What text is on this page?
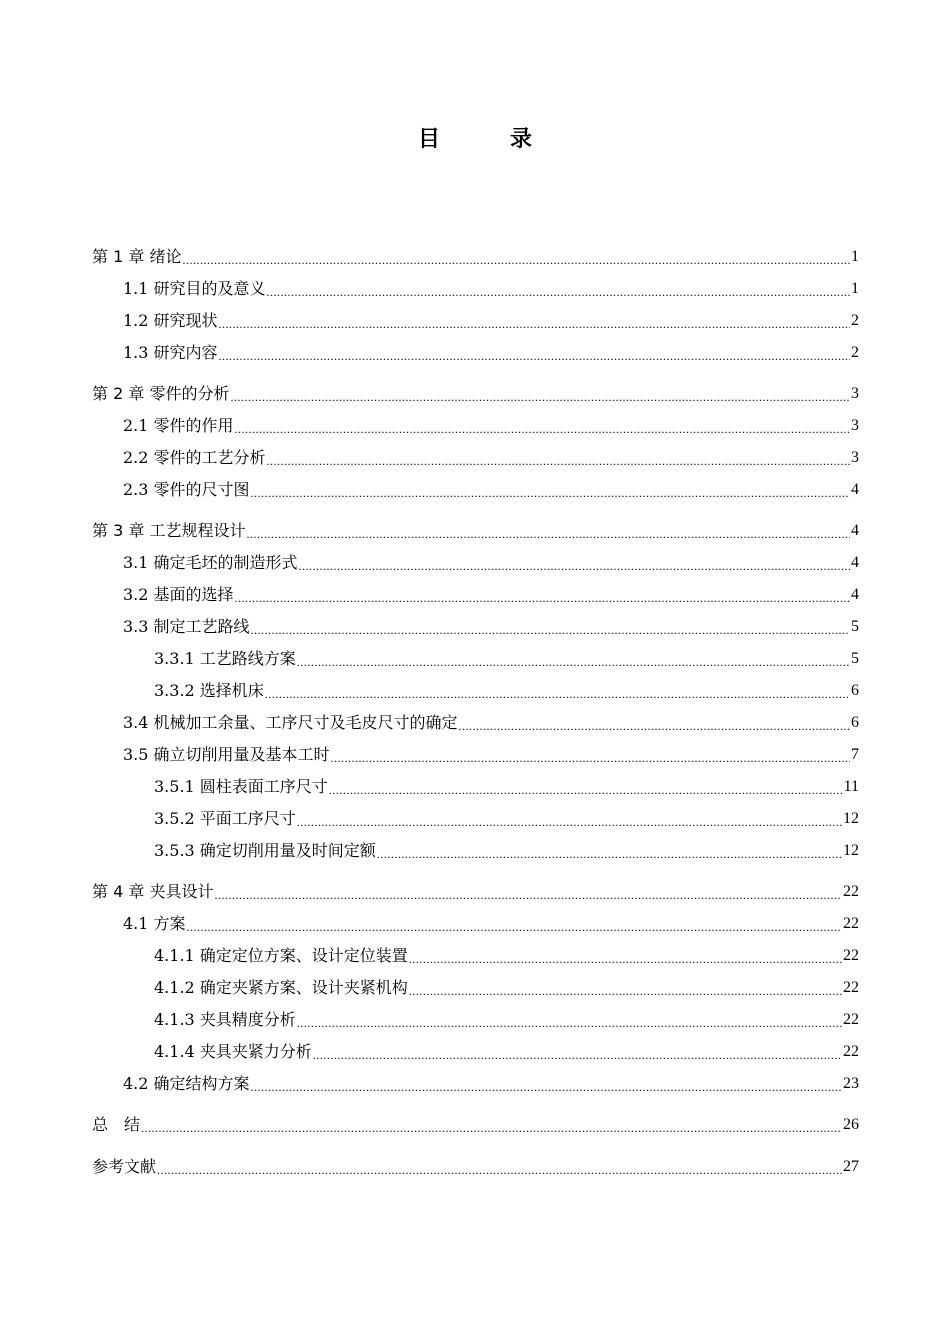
目　录
第 1 章 绪论 .....	1
1.1 研究目的及意义 .....	1
1.2 研究现状 .....	2
1.3 研究内容 .....	2
第 2 章 零件的分析 .....	3
2.1 零件的作用 .....	3
2.2 零件的工艺分析 .....	3
2.3 零件的尺寸图 .....	4
第 3 章 工艺规程设计 .....	4
3.1 确定毛坯的制造形式 .....	4
3.2 基面的选择 .....	4
3.3 制定工艺路线 .....	5
3.3.1 工艺路线方案 .....	5
3.3.2 选择机床 .....	6
3.4 机械加工余量、工序尺寸及毛皮尺寸的确定 .....	6
3.5 确立切削用量及基本工时 .....	7
3.5.1 圆柱表面工序尺寸 .....	11
3.5.2 平面工序尺寸 .....	12
3.5.3 确定切削用量及时间定额 .....	12
第 4 章 夹具设计 .....	22
4.1 方案 .....	22
4.1.1 确定定位方案、设计定位装置 .....	22
4.1.2 确定夹紧方案、设计夹紧机构 .....	22
4.1.3 夹具精度分析 .....	22
4.1.4 夹具夹紧力分析 .....	22
4.2 确定结构方案 .....	23
总　结 .....	26
参考文献 .....	27
